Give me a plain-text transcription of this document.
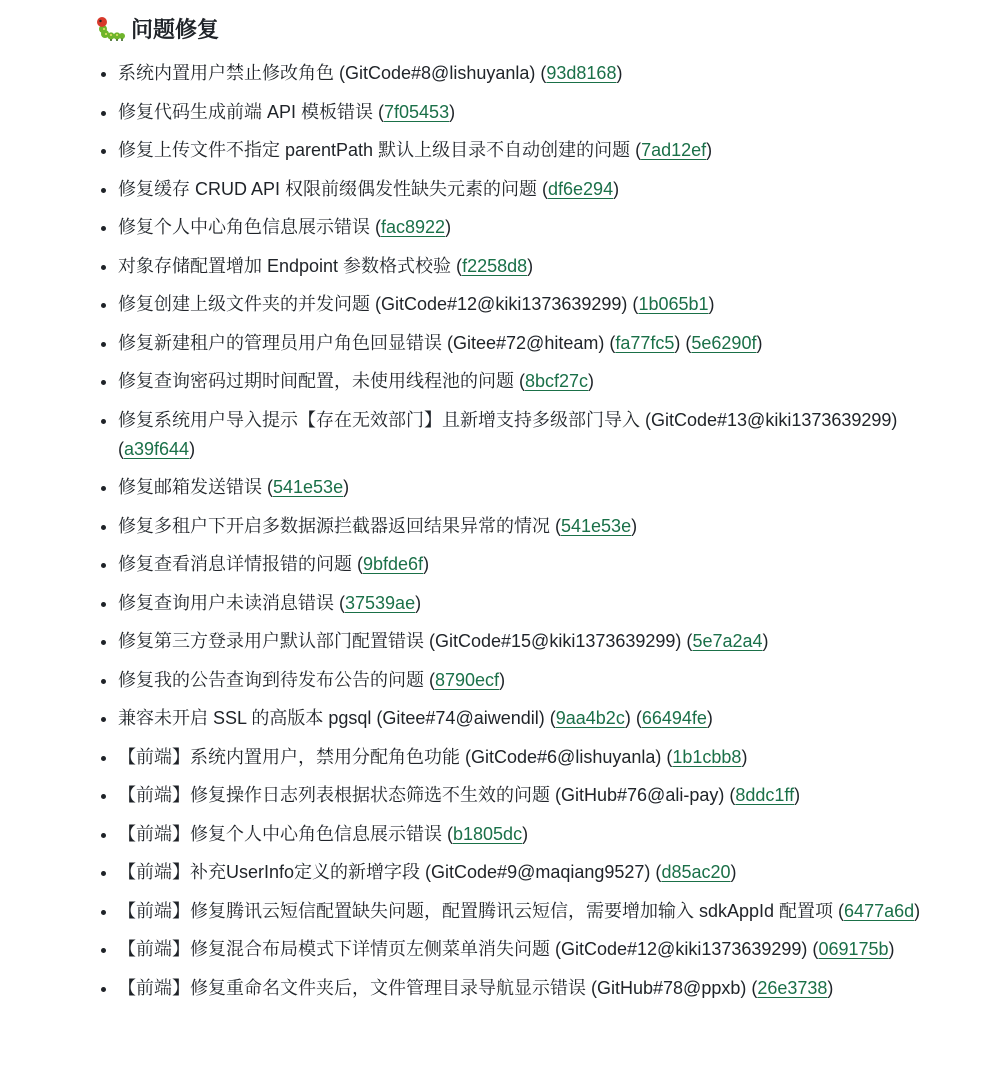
问题修复
系统内置用户禁止修改角色 (GitCode#8@lishuyanla) (93d8168)
修复代码生成前端 API 模板错误 (7f05453)
修复上传文件不指定 parentPath 默认上级目录不自动创建的问题 (7ad12ef)
修复缓存 CRUD API 权限前缀偶发性缺失元素的问题 (df6e294)
修复个人中心角色信息展示错误 (fac8922)
对象存储配置增加 Endpoint 参数格式校验 (f2258d8)
修复创建上级文件夹的并发问题 (GitCode#12@kiki1373639299) (1b065b1)
修复新建租户的管理员用户角色回显错误 (Gitee#72@hiteam) (fa77fc5) (5e6290f)
修复查询密码过期时间配置，未使用线程池的问题 (8bcf27c)
修复系统用户导入提示【存在无效部门】且新增支持多级部门导入 (GitCode#13@kiki1373639299) (a39f644)
修复邮箱发送错误 (541e53e)
修复多租户下开启多数据源拦截器返回结果异常的情况 (541e53e)
修复查看消息详情报错的问题 (9bfde6f)
修复查询用户未读消息错误 (37539ae)
修复第三方登录用户默认部门配置错误 (GitCode#15@kiki1373639299) (5e7a2a4)
修复我的公告查询到待发布公告的问题 (8790ecf)
兼容未开启 SSL 的高版本 pgsql (Gitee#74@aiwendil) (9aa4b2c) (66494fe)
【前端】系统内置用户，禁用分配角色功能 (GitCode#6@lishuyanla) (1b1cbb8)
【前端】修复操作日志列表根据状态筛选不生效的问题 (GitHub#76@ali-pay) (8ddc1ff)
【前端】修复个人中心角色信息展示错误 (b1805dc)
【前端】补充UserInfo定义的新增字段 (GitCode#9@maqiang9527) (d85ac20)
【前端】修复腾讯云短信配置缺失问题，配置腾讯云短信，需要增加输入 sdkAppId 配置项 (6477a6d)
【前端】修复混合布局模式下详情页左侧菜单消失问题 (GitCode#12@kiki1373639299) (069175b)
【前端】修复重命名文件夹后，文件管理目录导航显示错误 (GitHub#78@ppxb) (26e3738)
